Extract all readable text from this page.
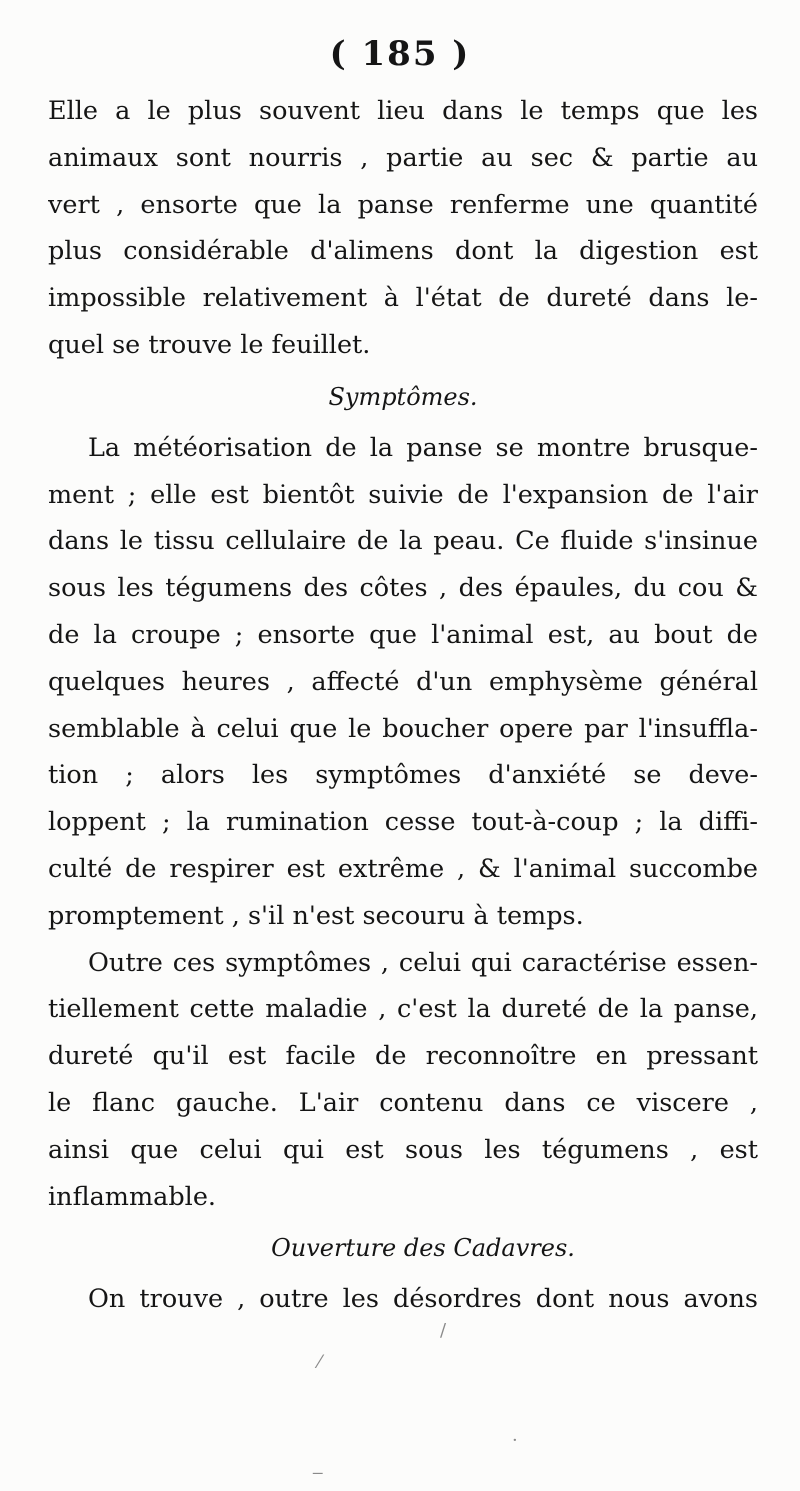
( 185 )
Elle a le plus souvent lieu dans le temps que les
animaux sont nourris , partie au sec & partie au
vert , ensorte que la panse renferme une quantité
plus considérable d'alimens dont la digestion est
impossible relativement à l'état de dureté dans le-
quel se trouve le feuillet.
Symptômes.
La météorisation de la panse se montre brusque-
ment ; elle est bientôt suivie de l'expansion de l'air
dans le tissu cellulaire de la peau. Ce fluide s'insinue
sous les tégumens des côtes , des épaules, du cou &
de la croupe ; ensorte que l'animal est, au bout de
quelques heures , affecté d'un emphysème général
semblable à celui que le boucher opere par l'insuffla-
tion ; alors les symptômes d'anxiété se deve-
loppent ; la rumination cesse tout-à-coup ; la diffi-
culté de respirer est extrême , & l'animal succombe
promptement , s'il n'est secouru à temps.
Outre ces symptômes , celui qui caractérise essen-
tiellement cette maladie , c'est la dureté de la panse,
dureté qu'il est facile de reconnoître en pressant
le flanc gauche. L'air contenu dans ce viscere ,
ainsi que celui qui est sous les tégumens , est
inflammable.
Ouverture des Cadavres.
On trouve , outre les désordres dont nous avons
/
⁄
·
‒
